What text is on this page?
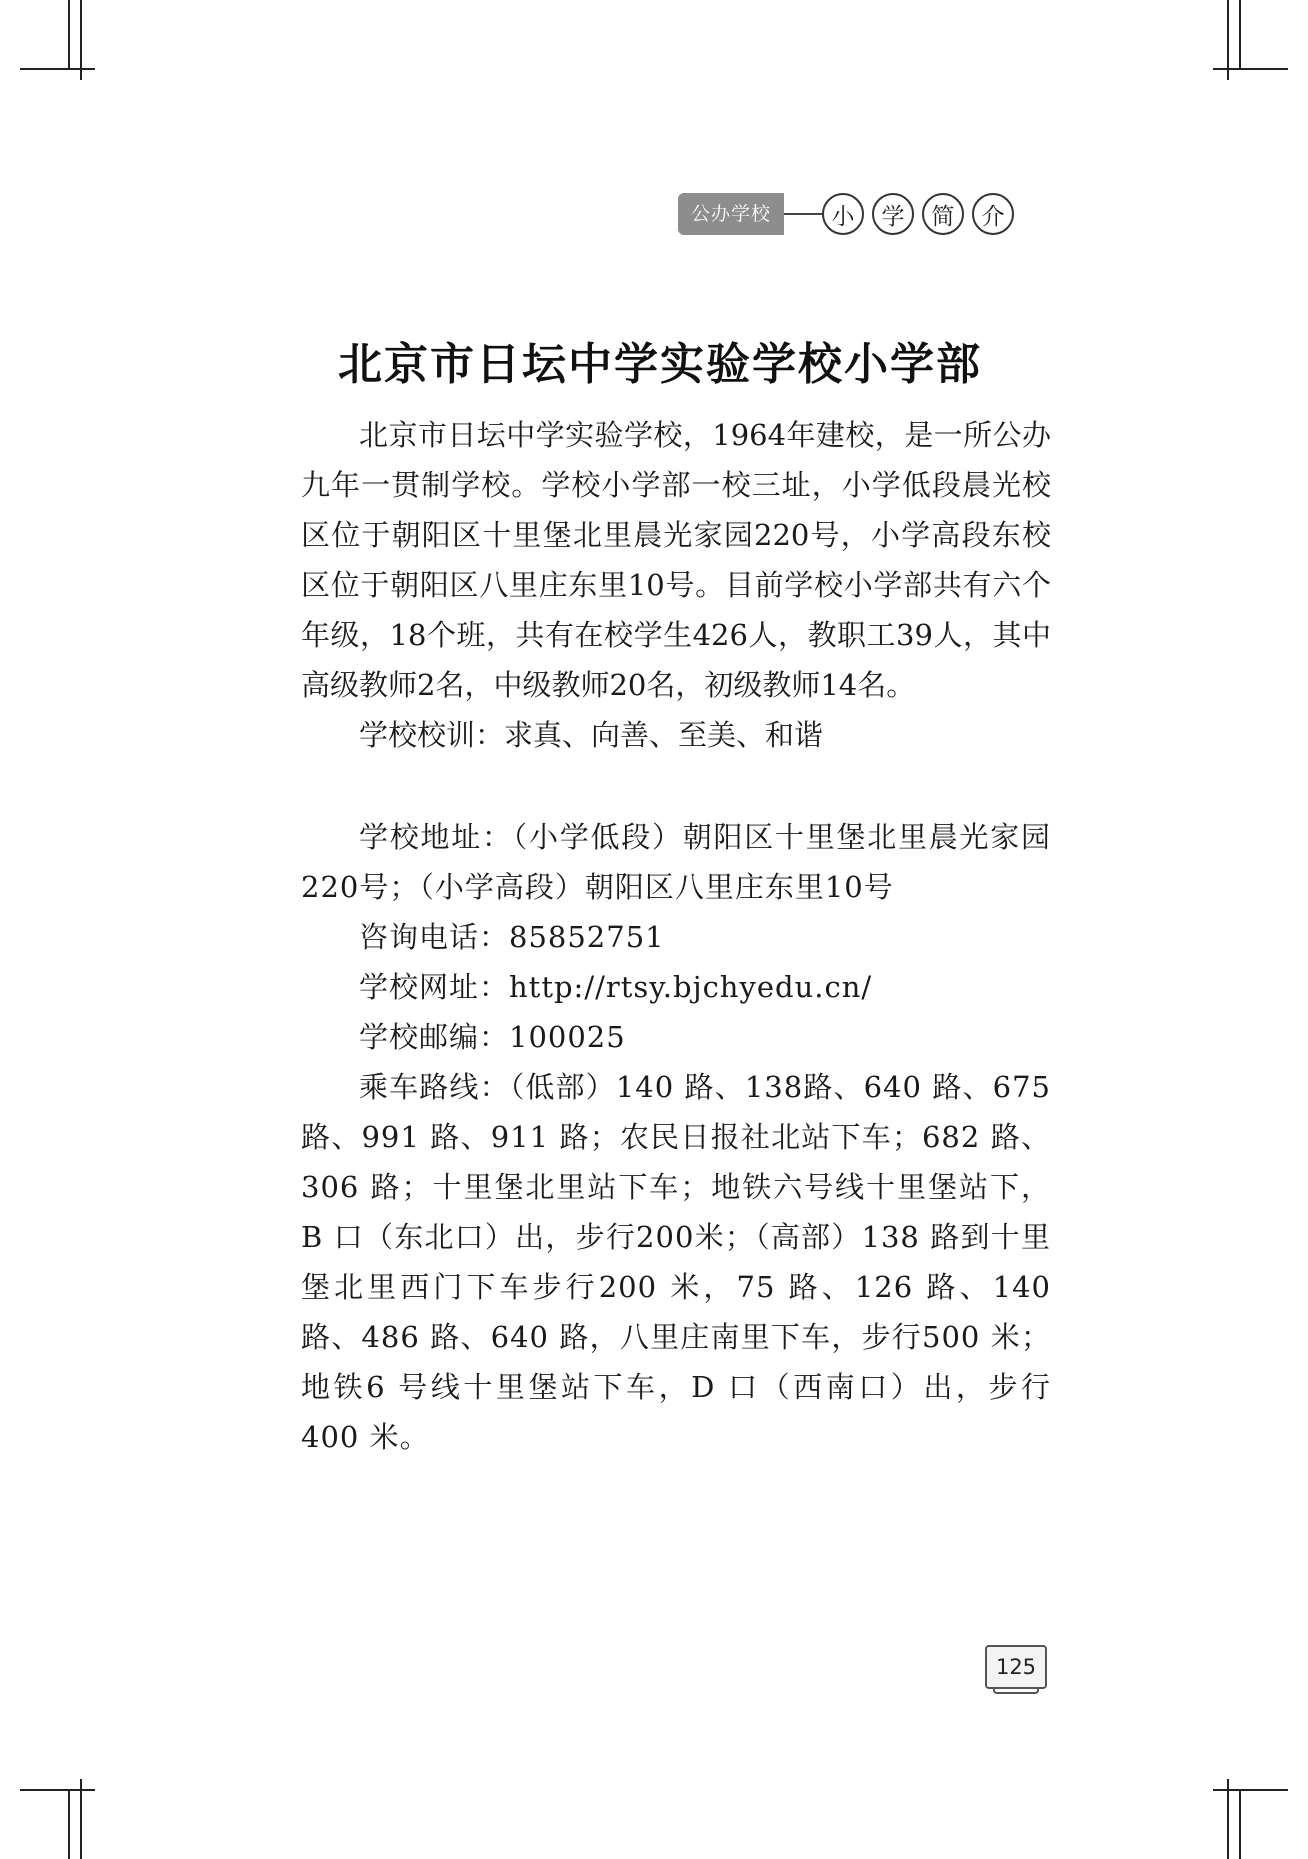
公办学校	小	学	简	介
北京市日坛中学实验学校小学部

北京市日坛中学实验学校，1964年建校，是一所公办九年一贯制学校。学校小学部一校三址，小学低段晨光校区位于朝阳区十里堡北里晨光家园220号，小学高段东校区位于朝阳区八里庄东里10号。目前学校小学部共有六个年级，18个班，共有在校学生426人，教职工39人，其中高级教师2名，中级教师20名，初级教师14名。

学校校训：求真、向善、至美、和谐

学校地址：（小学低段）朝阳区十里堡北里晨光家园220号；（小学高段）朝阳区八里庄东里10号

咨询电话：85852751

学校网址：http://rtsy.bjchyedu.cn/

学校邮编：100025

乘车路线：（低部）140 路、138路、640 路、675 路、991 路、911 路；农民日报社北站下车；682 路、306 路；十里堡北里站下车；地铁六号线十里堡站下，B 口（东北口）出，步行200米；（高部）138 路到十里堡北里西门下车步行200 米，75 路、126 路、140 路、486 路、640 路，八里庄南里下车，步行500 米；地铁6 号线十里堡站下车，D 口（西南口）出，步行400 米。

125
